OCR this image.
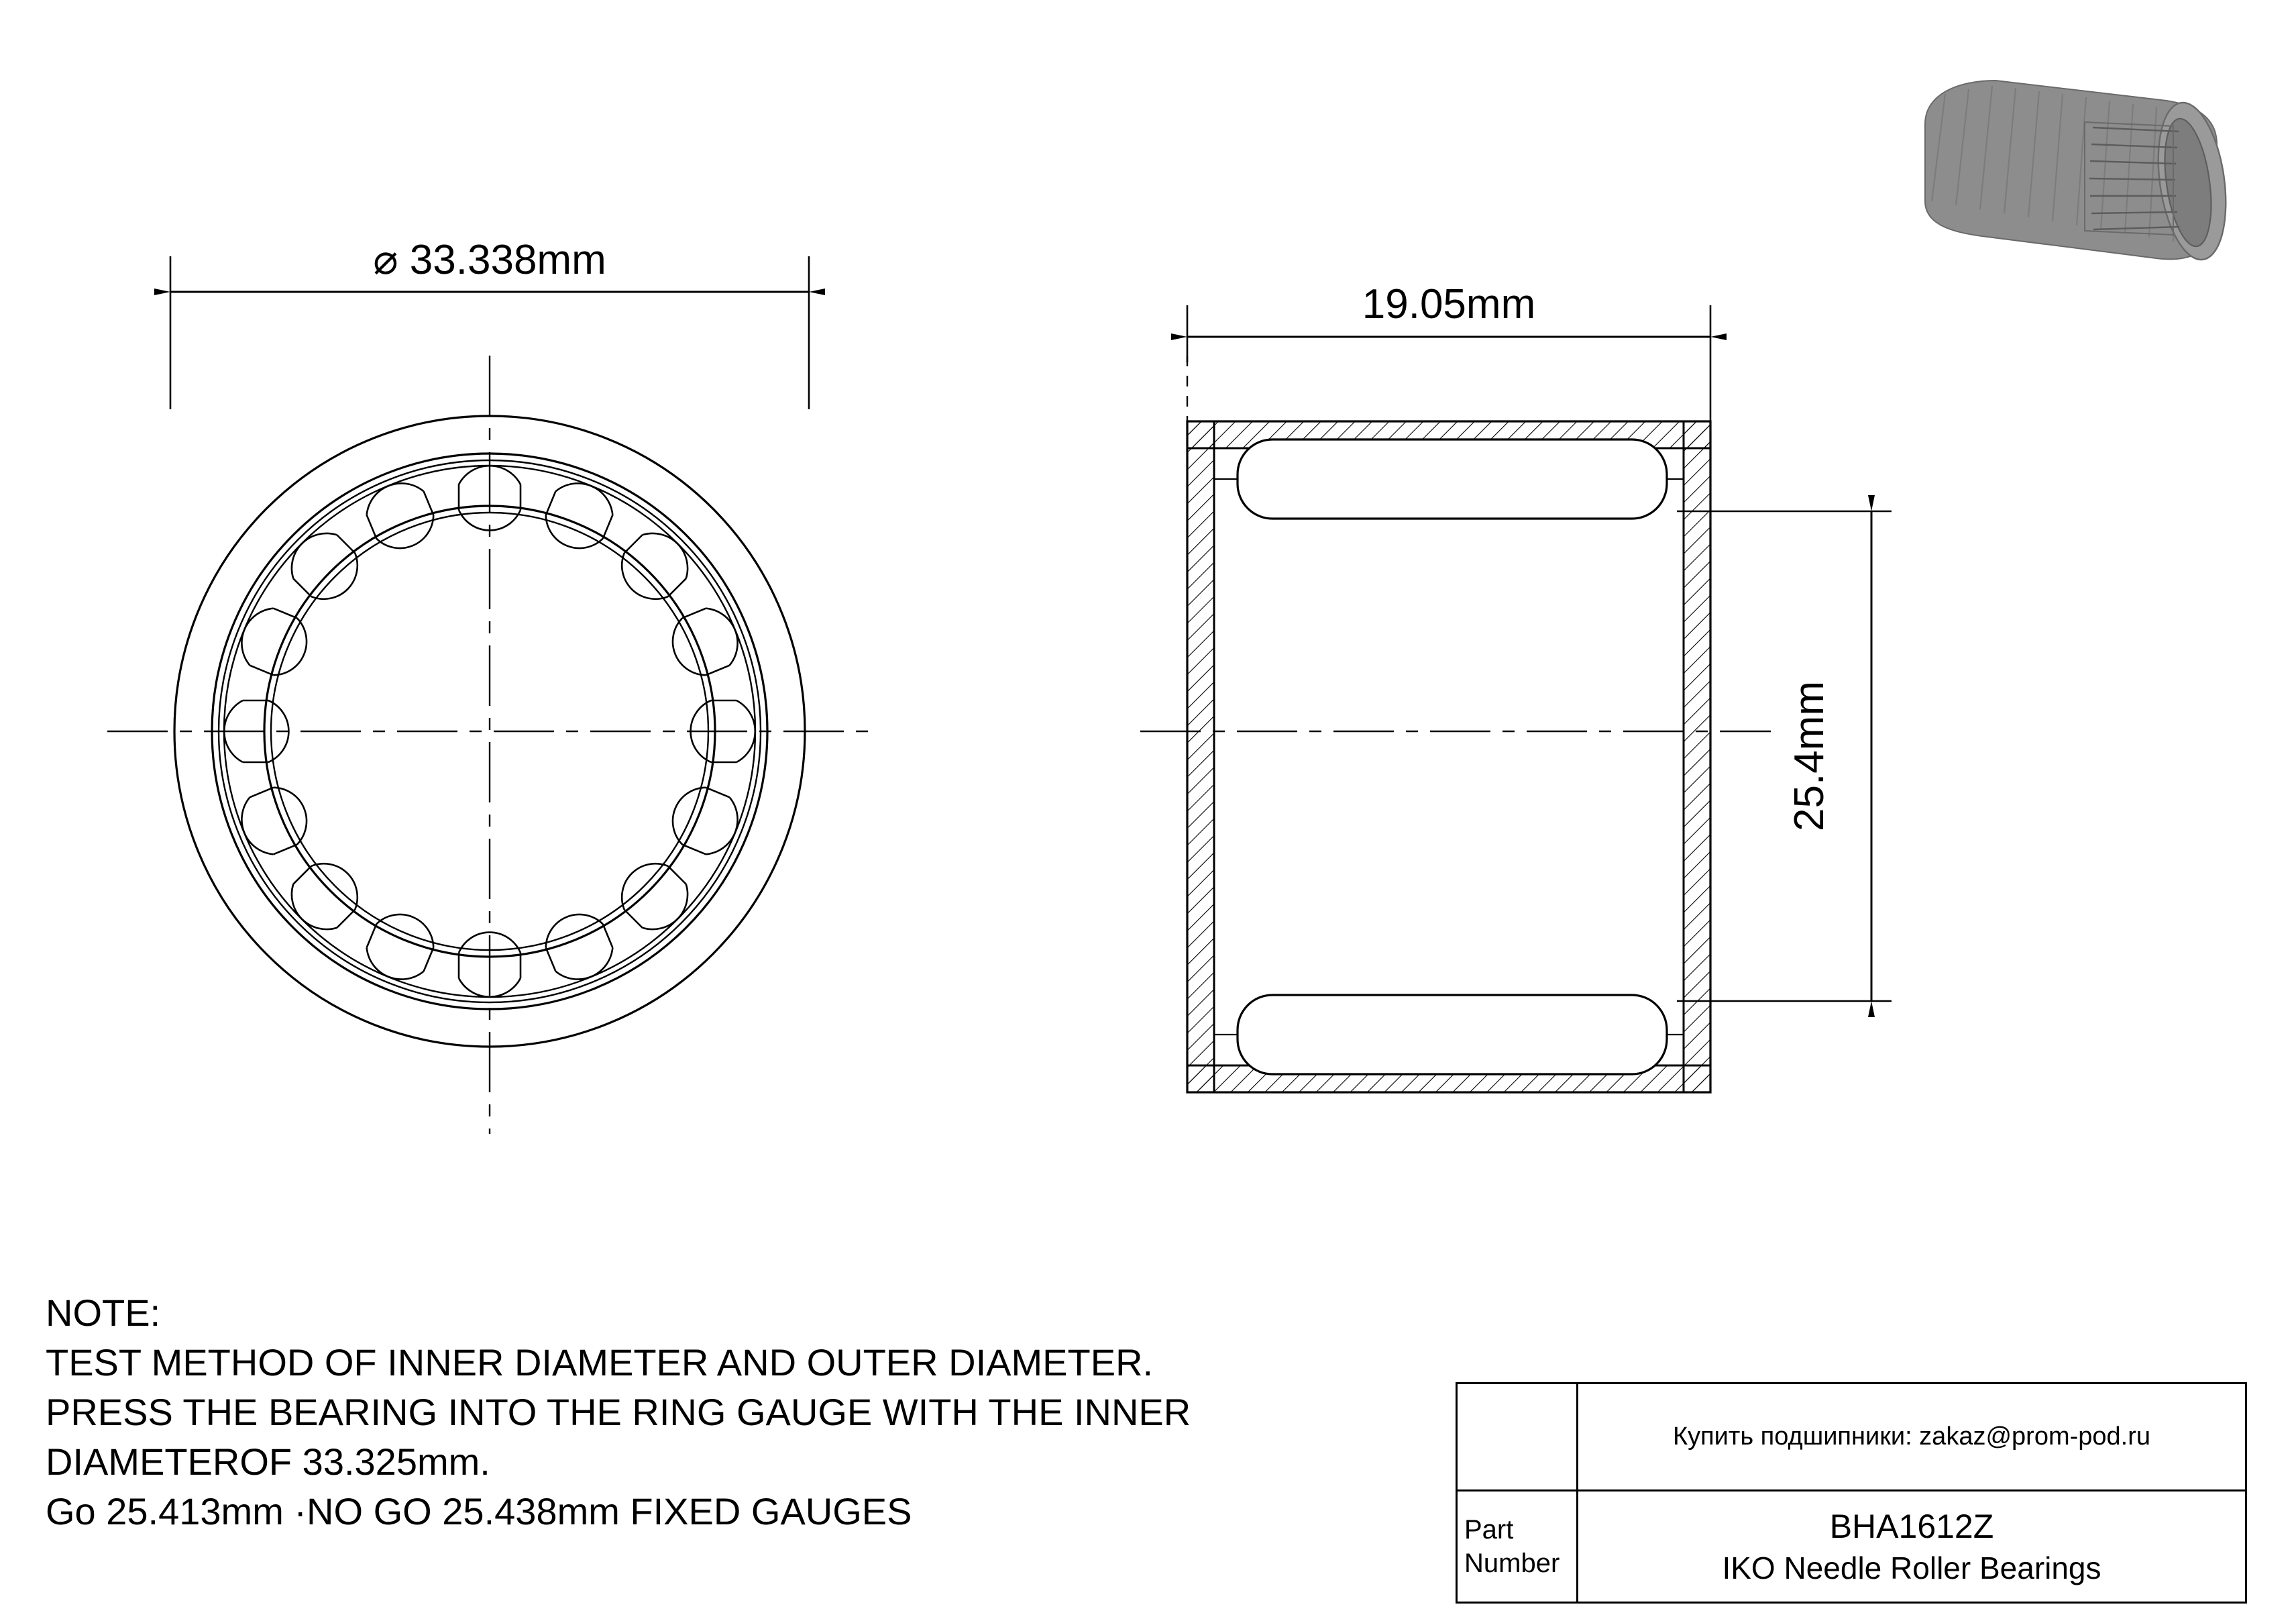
⌀ 33.338mm
19.05mm
25.4mm
NOTE:
TEST METHOD OF INNER DIAMETER AND OUTER DIAMETER.
PRESS THE BEARING INTO THE RING GAUGE WITH THE INNER
DIAMETEROF 33.325mm.
Go 25.413mm ·NO GO 25.438mm FIXED GAUGES
Купить подшипники: zakaz@prom-pod.ru
Part
Number
BHA1612Z
IKO Needle Roller Bearings
